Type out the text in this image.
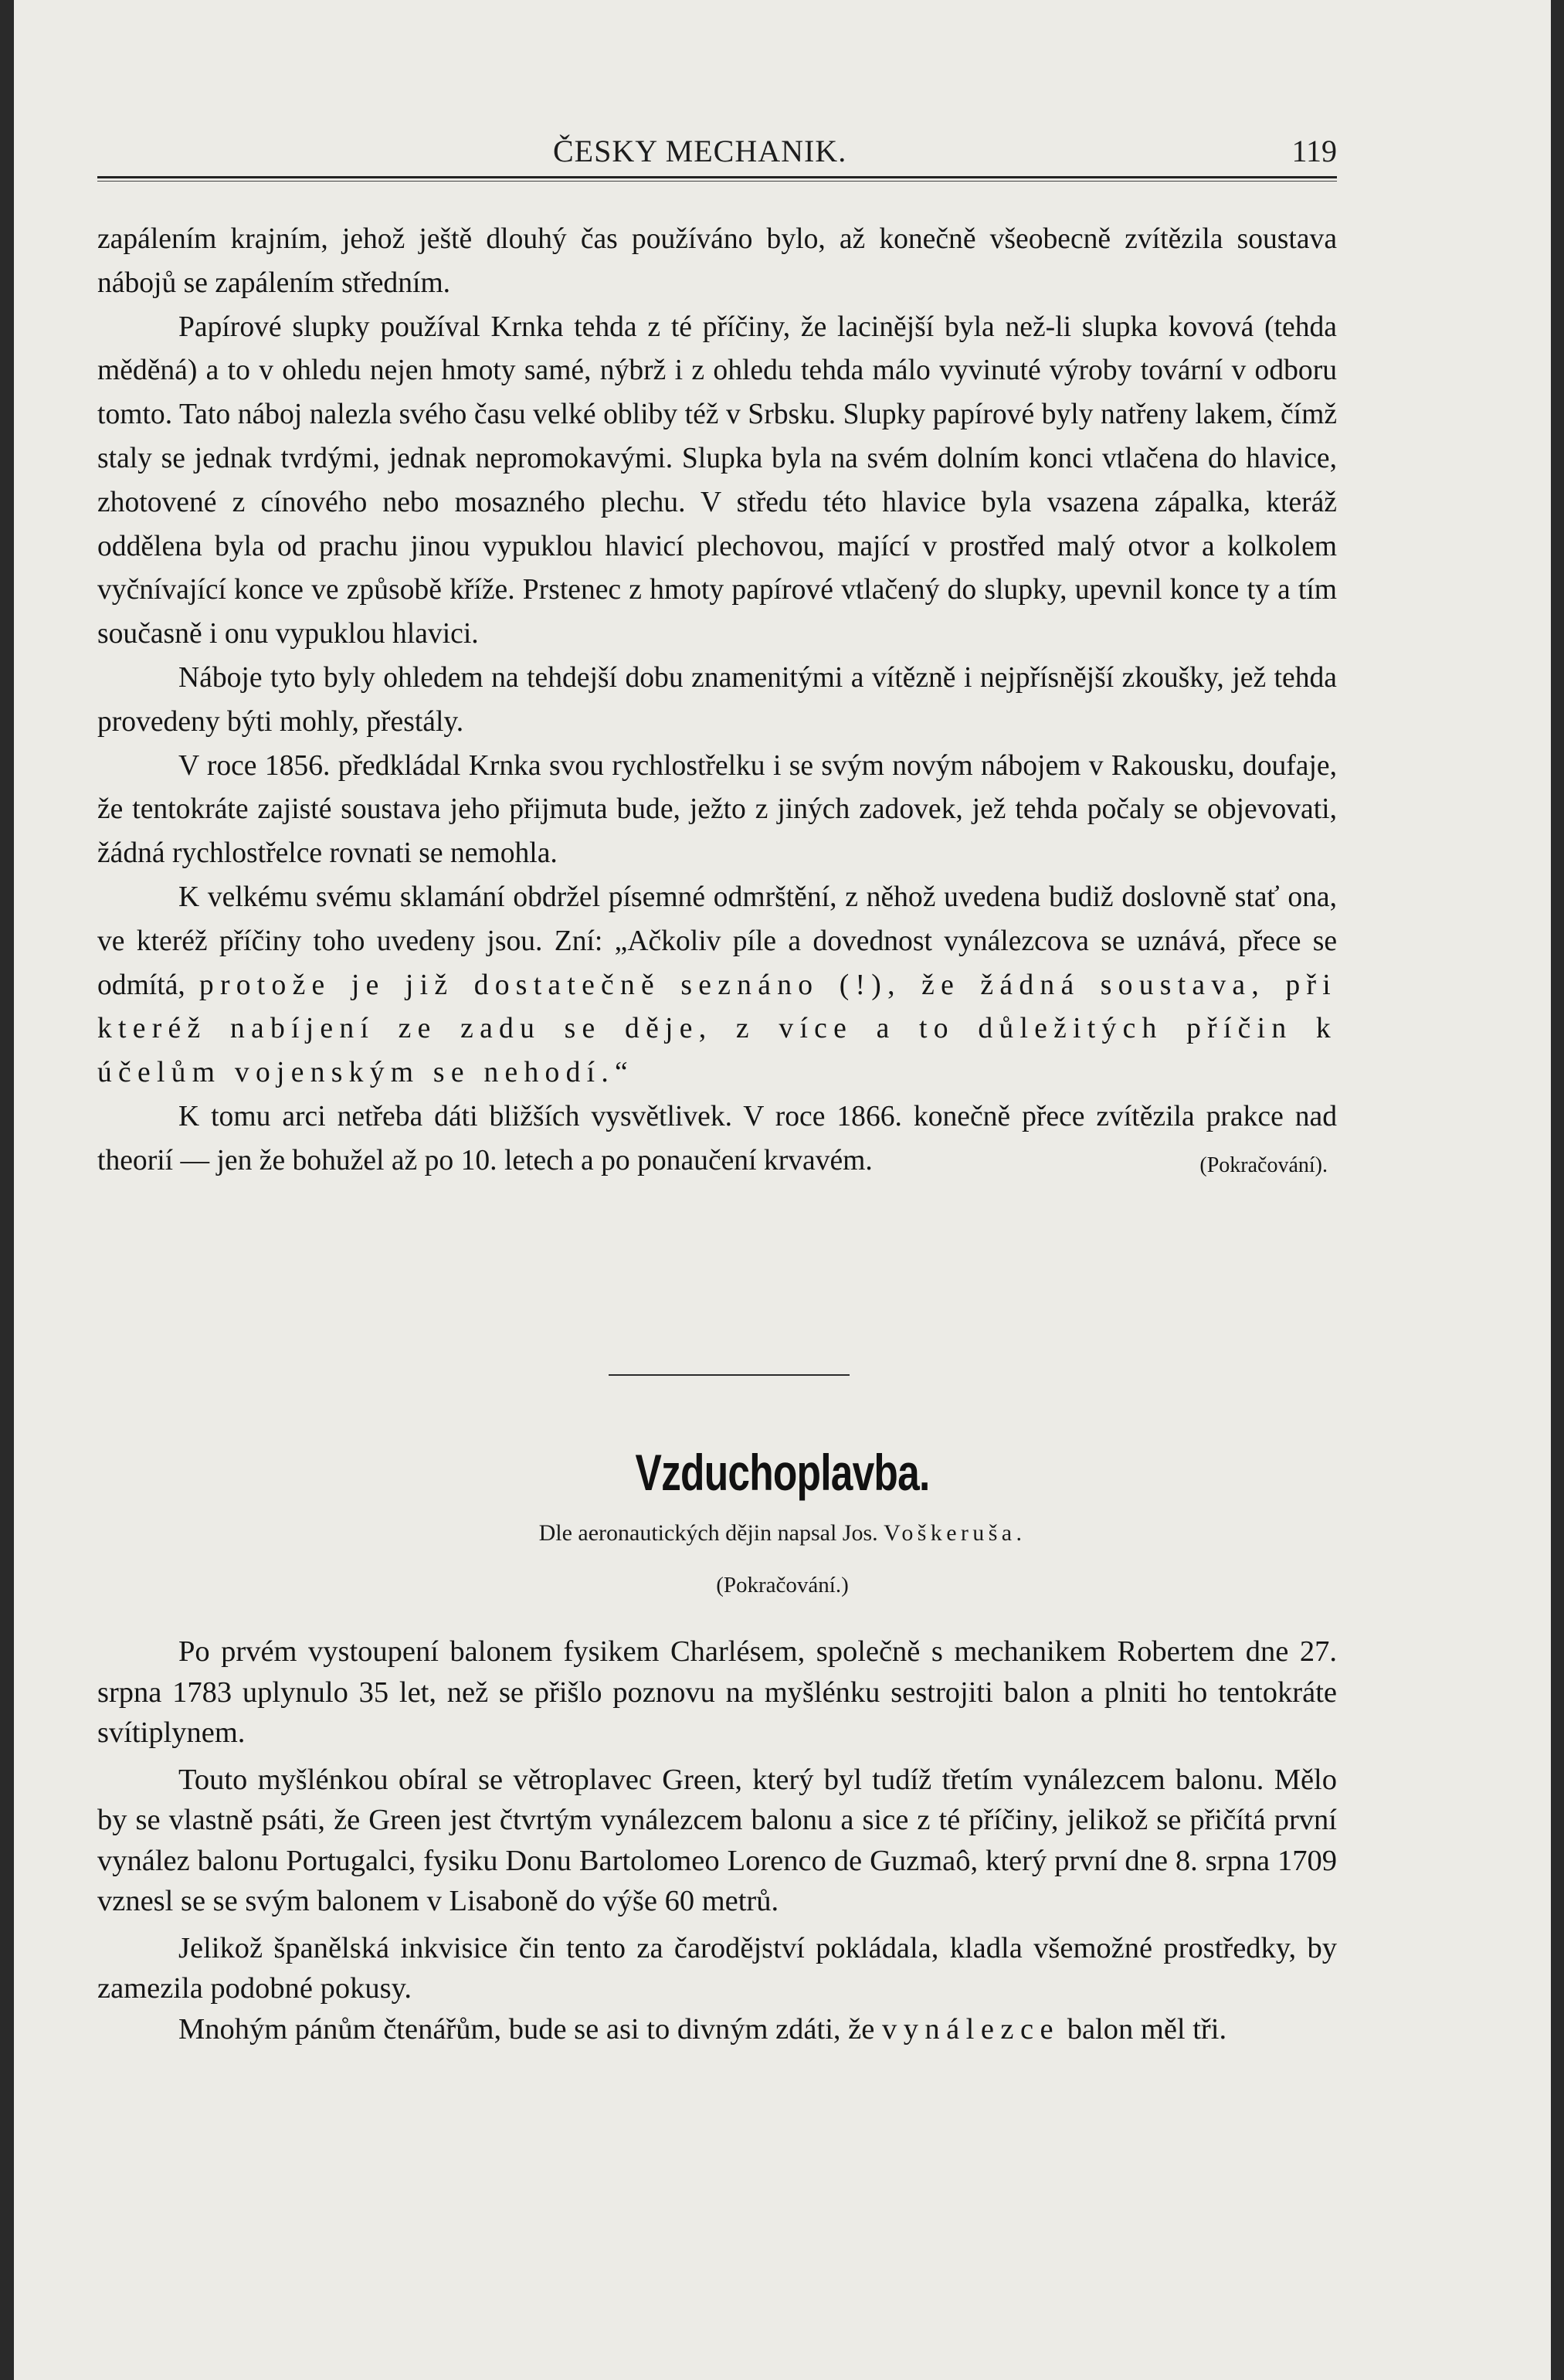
ČESKY MECHANIK.	119

zapálením krajním, jehož ještě dlouhý čas používáno bylo, až konečně všeobecně zvítězila soustava nábojů se zapálením středním.

Papírové slupky používal Krnka tehda z té příčiny, že lacinější byla než-li slupka kovová (tehda měděná) a to v ohledu nejen hmoty samé, nýbrž i z ohledu tehda málo vyvinuté výroby tovární v odboru tomto. Tato náboj nalezla svého času velké obliby též v Srbsku. Slupky papírové byly natřeny lakem, čímž staly se jednak tvrdými, jednak nepromokavými. Slupka byla na svém dolním konci vtlačena do hlavice, zhotovené z cínového nebo mosazného plechu. V středu této hlavice byla vsazena zápalka, kteráž oddělena byla od prachu jinou vypuklou hlavicí plechovou, mající v prostřed malý otvor a kolkolem vyčnívající konce ve způsobě kříže. Prstenec z hmoty papírové vtlačený do slupky, upevnil konce ty a tím současně i onu vypuklou hlavici.

Náboje tyto byly ohledem na tehdejší dobu znamenitými a vítězně i nejpřísnější zkoušky, jež tehda provedeny býti mohly, přestály.

V roce 1856. předkládal Krnka svou rychlostřelku i se svým novým nábojem v Rakousku, doufaje, že tentokráte zajisté soustava jeho přijmuta bude, ježto z jiných zadovek, jež tehda počaly se objevovati, žádná rychlostřelce rovnati se nemohla.

K velkému svému sklamání obdržel písemné odmrštění, z něhož uvedena budiž doslovně stať ona, ve kteréž příčiny toho uvedeny jsou. Zní: „Ačkoliv píle a dovednost vynálezcova se uznává, přece se odmítá, protože je již dostatečně seznáno (!), že žádná soustava, při kteréž nabíjení ze zadu se děje, z více a to důležitých příčin k účelům vojenským se nehodí.“

K tomu arci netřeba dáti bližších vysvětlivek. V roce 1866. konečně přece zvítězila prakce nad theorií — jen že bohužel až po 10. letech a po ponaučení krvavém.	(Pokračování).

Vzduchoplavba.
Dle aeronautických dějin napsal Jos. Voškeruša.
(Pokračování.)

Po prvém vystoupení balonem fysikem Charlésem, společně s mechanikem Robertem dne 27. srpna 1783 uplynulo 35 let, než se přišlo poznovu na myšlénku sestrojiti balon a plniti ho tentokráte svítiplynem.

Touto myšlénkou obíral se větroplavec Green, který byl tudíž třetím vynálezcem balonu. Mělo by se vlastně psáti, že Green jest čtvrtým vynálezcem balonu a sice z té příčiny, jelikož se přičítá první vynález balonu Portugalci, fysiku Donu Bartolomeo Lorenco de Guzmaô, který první dne 8. srpna 1709 vznesl se se svým balonem v Lisaboně do výše 60 metrů.

Jelikož španělská inkvisice čin tento za čarodějství pokládala, kladla všemožné prostředky, by zamezila podobné pokusy.

Mnohým pánům čtenářům, bude se asi to divným zdáti, že vynálezce balon měl tři.
